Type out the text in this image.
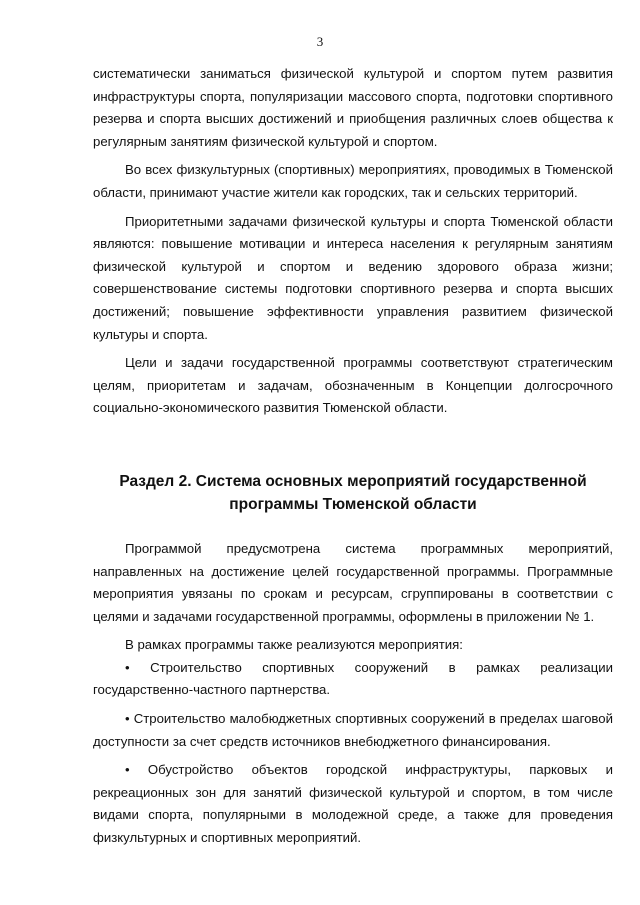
3

систематически заниматься физической культурой и спортом путем развития инфраструктуры спорта, популяризации массового спорта, подготовки спортивного резерва и спорта высших достижений и приобщения различных слоев общества к регулярным занятиям физической культурой и спортом.

Во всех физкультурных (спортивных) мероприятиях, проводимых в Тюменской области, принимают участие жители как городских, так и сельских территорий.

Приоритетными задачами физической культуры и спорта Тюменской области являются: повышение мотивации и интереса населения к регулярным занятиям физической культурой и спортом и ведению здорового образа жизни; совершенствование системы подготовки спортивного резерва и спорта высших достижений; повышение эффективности управления развитием физической культуры и спорта.

Цели и задачи государственной программы соответствуют стратегическим целям, приоритетам и задачам, обозначенным в Концепции долгосрочного социально-экономического развития Тюменской области.

Раздел 2. Система основных мероприятий государственной программы Тюменской области

Программой предусмотрена система программных мероприятий, направленных на достижение целей государственной программы. Программные мероприятия увязаны по срокам и ресурсам, сгруппированы в соответствии с целями и задачами государственной программы, оформлены в приложении № 1.

В рамках программы также реализуются мероприятия:

• Строительство спортивных сооружений в рамках реализации государственно-частного партнерства.

• Строительство малобюджетных спортивных сооружений в пределах шаговой доступности за счет средств источников внебюджетного финансирования.

• Обустройство объектов городской инфраструктуры, парковых и рекреационных зон для занятий физической культурой и спортом, в том числе видами спорта, популярными в молодежной среде, а также для проведения физкультурных и спортивных мероприятий.
